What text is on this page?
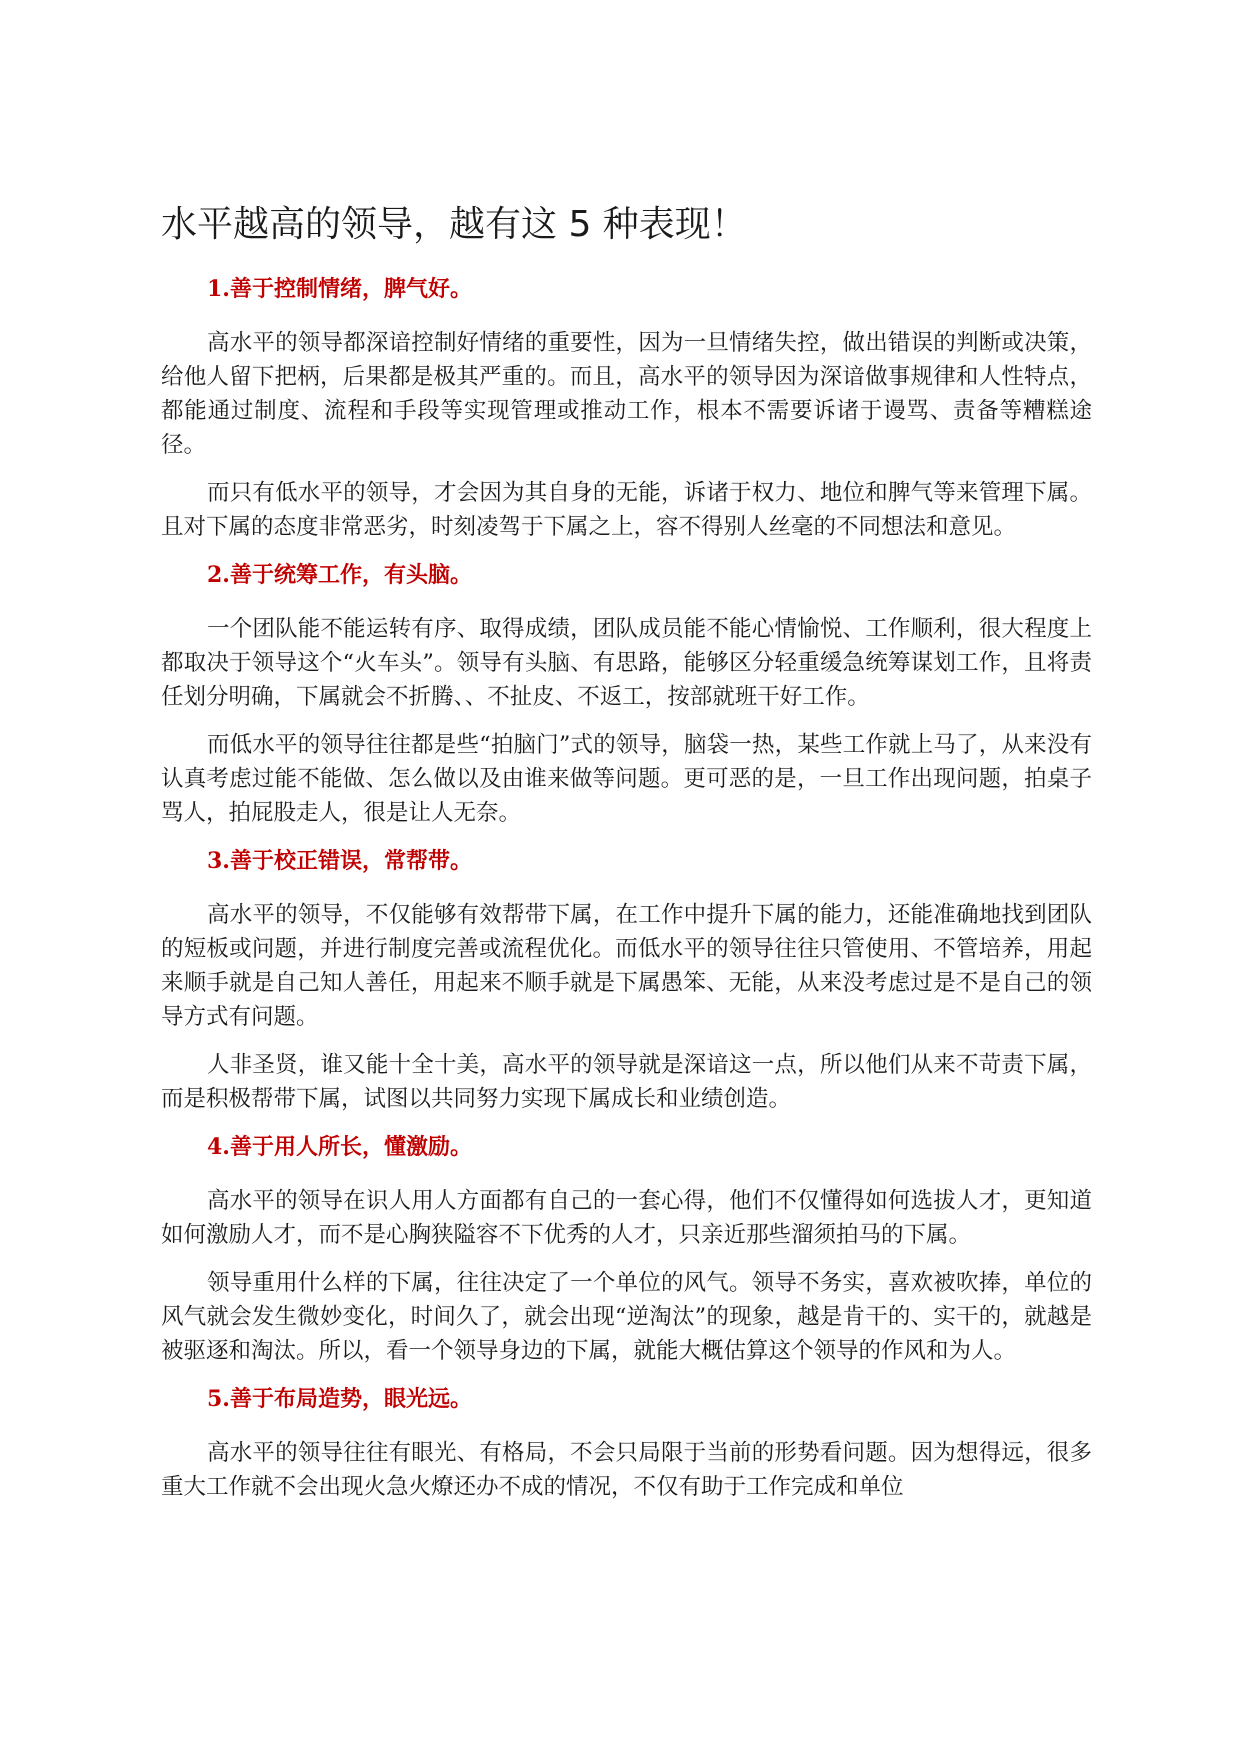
水平越高的领导，越有这 5 种表现！
1.善于控制情绪，脾气好。

高水平的领导都深谙控制好情绪的重要性，因为一旦情绪失控，做出错误的判断或决策，给他人留下把柄，后果都是极其严重的。而且，高水平的领导因为深谙做事规律和人性特点，都能通过制度、流程和手段等实现管理或推动工作，根本不需要诉诸于谩骂、责备等糟糕途径。

而只有低水平的领导，才会因为其自身的无能，诉诸于权力、地位和脾气等来管理下属。且对下属的态度非常恶劣，时刻凌驾于下属之上，容不得别人丝毫的不同想法和意见。

2.善于统筹工作，有头脑。

一个团队能不能运转有序、取得成绩，团队成员能不能心情愉悦、工作顺利，很大程度上都取决于领导这个“火车头”。领导有头脑、有思路，能够区分轻重缓急统筹谋划工作，且将责任划分明确，下属就会不折腾、、不扯皮、不返工，按部就班干好工作。

而低水平的领导往往都是些“拍脑门”式的领导，脑袋一热，某些工作就上马了，从来没有认真考虑过能不能做、怎么做以及由谁来做等问题。更可恶的是，一旦工作出现问题，拍桌子骂人，拍屁股走人，很是让人无奈。

3.善于校正错误，常帮带。

高水平的领导，不仅能够有效帮带下属，在工作中提升下属的能力，还能准确地找到团队的短板或问题，并进行制度完善或流程优化。而低水平的领导往往只管使用、不管培养，用起来顺手就是自己知人善任，用起来不顺手就是下属愚笨、无能，从来没考虑过是不是自己的领导方式有问题。

人非圣贤，谁又能十全十美，高水平的领导就是深谙这一点，所以他们从来不苛责下属，而是积极帮带下属，试图以共同努力实现下属成长和业绩创造。

4.善于用人所长，懂激励。

高水平的领导在识人用人方面都有自己的一套心得，他们不仅懂得如何选拔人才，更知道如何激励人才，而不是心胸狭隘容不下优秀的人才，只亲近那些溜须拍马的下属。

领导重用什么样的下属，往往决定了一个单位的风气。领导不务实，喜欢被吹捧，单位的风气就会发生微妙变化，时间久了，就会出现“逆淘汰”的现象，越是肯干的、实干的，就越是被驱逐和淘汰。所以，看一个领导身边的下属，就能大概估算这个领导的作风和为人。

5.善于布局造势，眼光远。

高水平的领导往往有眼光、有格局，不会只局限于当前的形势看问题。因为想得远，很多重大工作就不会出现火急火燎还办不成的情况，不仅有助于工作完成和单位
